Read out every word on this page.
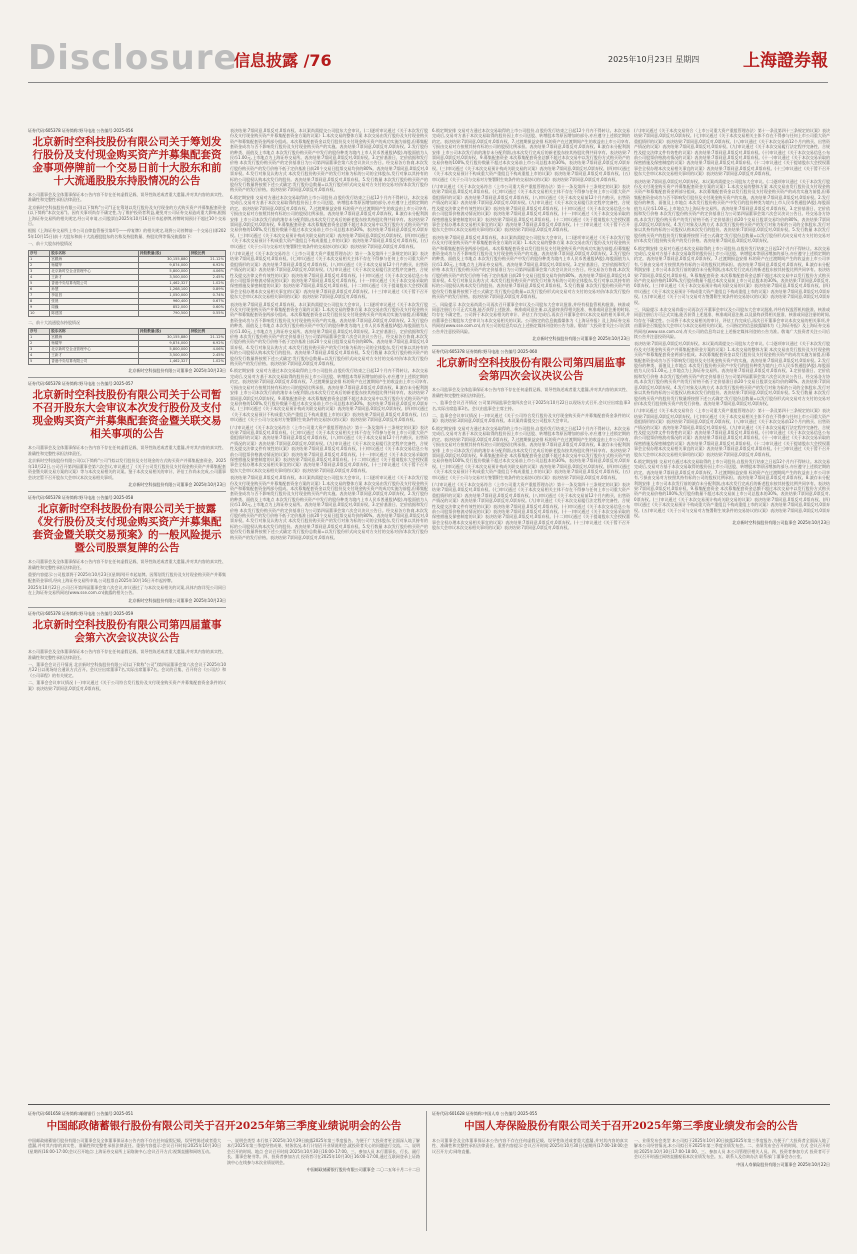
Disclosure
信息披露 /76	2025年10月23日 星期四	上海證券報
证券代码:605378 证券简称:野马电池 公告编号:2025-056
北京新时空科技股份有限公司关于筹划发行股份及支付现金购买资产并募集配套资金事项停牌前一个交易日前十大股东和前十大流通股股东持股情况的公告

本公司董事会及全体董事保证本公告内容不存在任何虚假记载、误导性陈述或者重大遗漏,并对其内容的真实性、准确性和完整性承担法律责任。

北京新时空科技股份有限公司(以下简称"公司")正在筹划以发行股份及支付现金的方式购买资产并募集配套资金(以下简称"本次交易")。因有关事项尚存不确定性,为了维护投资者利益,避免对公司证券交易造成重大影响,根据上海证券交易所的相关规定,经公司申请,公司股票自2025年10月16日开市起停牌,停牌时间预计不超过10个交易日。

根据《上海证券交易所上市公司自律监管指引第4号——停复牌》的相关规定,现将公司停牌前一个交易日(即2025年10月15日)前十大股东和前十大流通股股东的名称及持股数量、持股比例等情况披露如下:

一、前十大股东持股情况

序号	股东名称	持股数量(股)	持股比例
1	宫殿海	30,155,880	21.12%
2	杨耀华	9,874,000	6.92%
3	北京新时空企业管理中心	5,800,000	4.06%
4	王新才	3,500,000	2.45%
5	香港中央结算有限公司	1,462,327	1.02%
6	孙慧	1,268,100	0.89%
7	李祖昌	1,050,000	0.74%
8	张晨	960,400	0.67%
9	周巍	852,000	0.60%
10	陈建国	790,500	0.55%

二、前十大流通股东持股情况

序号	股东名称	持股数量(股)	持股比例
1	宫殿海	30,155,880	21.12%
2	杨耀华	9,874,000	6.92%
3	北京新时空企业管理中心	5,800,000	4.06%
4	王新才	3,500,000	2.45%
5	香港中央结算有限公司	1,462,327	1.02%

北京新时空科技股份有限公司董事会 2025年10月23日

证券代码:605378 证券简称:野马电池 公告编号:2025-057
北京新时空科技股份有限公司关于公司暂不召开股东大会审议本次发行股份及支付现金购买资产并募集配套资金暨关联交易相关事项的公告

本公司董事会及全体董事保证本公告内容不存在任何虚假记载、误导性陈述或者重大遗漏,并对其内容的真实性、准确性和完整性承担法律责任。

北京新时空科技股份有限公司(以下简称"公司")拟以发行股份及支付现金的方式购买资产并募集配套资金。2025年10月22日,公司召开第四届董事会第六次会议,审议通过了《关于公司发行股份及支付现金购买资产并募集配套资金暨关联交易方案的议案》等与本次交易相关的议案。鉴于本次交易相关的审计、评估工作尚未完成,公司董事会决定暂不召开股东大会审议本次交易相关事项。

北京新时空科技股份有限公司董事会 2025年10月23日

证券代码:605378 证券简称:野马电池 公告编号:2025-058
北京新时空科技股份有限公司关于披露《发行股份及支付现金购买资产并募集配套资金暨关联交易预案》的一般风险提示暨公司股票复牌的公告

本公司董事会及全体董事保证本公告内容不存在任何虚假记载、误导性陈述或者重大遗漏,并对其内容的真实性、准确性和完整性承担法律责任。

重要内容提示:公司股票将于2025年10月23日(星期四)开市起复牌。因筹划发行股份及支付现金购买资产并募集配套资金事项,经向上海证券交易所申请,公司股票自2025年10月16日开市起停牌。

2025年10月22日,公司召开第四届董事会第六次会议,审议通过了与本次交易相关的议案,具体内容详见公司同日在上海证券交易所网站(www.sse.com.cn)披露的相关公告。

北京新时空科技股份有限公司董事会 2025年10月23日

证券代码:605378 证券简称:野马电池 公告编号:2025-059
北京新时空科技股份有限公司第四届董事会第六次会议决议公告

本公司董事会及全体董事保证本公告内容不存在任何虚假记载、误导性陈述或者重大遗漏,并对其内容的真实性、准确性和完整性承担法律责任。

一、董事会会议召开情况 北京新时空科技股份有限公司(以下简称"公司")第四届董事会第六次会议于2025年10月22日以现场结合通讯方式召开。会议应出席董事7名,实际出席董事7名。会议的召集、召开符合《公司法》和《公司章程》的有关规定。

二、董事会会议审议情况 (一)审议通过《关于公司符合发行股份及支付现金购买资产并募集配套资金条件的议案》表决结果:7票同意,0票反对,0票弃权。

表决结果:7票同意,0票反对,0票弃权。本议案尚需提交公司股东大会审议。(二)逐项审议通过《关于本次发行股份及支付现金购买资产并募集配套资金方案的议案》1.本次交易的整体方案 本次交易由发行股份及支付现金购买资产和募集配套资金两部分组成。本次募集配套资金以发行股份及支付现金购买资产的成功实施为前提,但募集配套资金成功与否不影响发行股份及支付现金购买资产的实施。表决结果:7票同意,0票反对,0票弃权。2.发行股份的种类、面值及上市地点 本次发行股份购买资产中发行的股份种类为境内上市人民币普通股(A股),每股面值为人民币1.00元,上市地点为上海证券交易所。表决结果:7票同意,0票反对,0票弃权。3.定价基准日、定价依据和发行价格 本次发行股份购买资产的定价基准日为公司第四届董事会第六次会议决议公告日。经交易各方协商,本次发行股份购买资产的发行价格不低于定价基准日前20个交易日股票交易均价的80%。表决结果:7票同意,0票反对,0票弃权。4.发行对象及认购方式 本次发行股份购买资产的发行对象为标的公司的全体股东,发行对象以其持有的标的公司股权认购本次发行的股份。表决结果:7票同意,0票反对,0票弃权。5.发行数量 本次发行股份购买资产的股份发行数量将按照下述公式确定:发行股份总数量=以发行股份形式向交易对方支付的交易对价/本次发行股份购买资产的发行价格。表决结果:7票同意,0票反对,0票弃权。

6.锁定期安排 交易对方通过本次交易取得的上市公司股份,自股份发行结束之日起12个月内不得转让。本次交易完成后,交易对方基于本次交易取得的股份因上市公司送股、转增股本等原因增加的部分,亦应遵守上述锁定期的约定。表决结果:7票同意,0票反对,0票弃权。7.过渡期损益安排 标的资产在过渡期间产生的收益由上市公司享有,亏损由交易对方按照其持有标的公司的股权比例承担。表决结果:7票同意,0票反对,0票弃权。8.滚存未分配利润安排 上市公司本次发行前的滚存未分配利润,由本次发行完成后的新老股东按其持股比例共同享有。表决结果:7票同意,0票反对,0票弃权。9.募集配套资金 本次募集配套资金总额不超过本次交易中以发行股份方式购买资产的交易价格的100%,发行股份数量不超过本次交易前上市公司总股本的30%。表决结果:7票同意,0票反对,0票弃权。(三)审议通过《关于本次交易预计构成关联交易的议案》表决结果:7票同意,0票反对,0票弃权。(四)审议通过《关于本次交易预计不构成重大资产重组且不构成重组上市的议案》表决结果:7票同意,0票反对,0票弃权。(五)审议通过《关于公司与交易对方签署附生效条件的交易协议的议案》表决结果:7票同意,0票反对,0票弃权。

(六)审议通过《关于本次交易符合〈上市公司重大资产重组管理办法〉第十一条及第四十三条规定的议案》表决结果:7票同意,0票反对,0票弃权。(七)审议通过《关于本次交易相关主体不存在不得参与任何上市公司重大资产重组情形的议案》表决结果:7票同意,0票反对,0票弃权。(八)审议通过《关于本次交易前12个月内购买、出售资产情况的议案》表决结果:7票同意,0票反对,0票弃权。(九)审议通过《关于本次交易履行法定程序完备性、合规性及提交法律文件有效性的议案》表决结果:7票同意,0票反对,0票弃权。(十)审议通过《关于本次交易信息公布前公司股票价格波动情况的议案》表决结果:7票同意,0票反对,0票弃权。(十一)审议通过《关于本次交易采取的保密措施及保密制度的议案》表决结果:7票同意,0票反对,0票弃权。(十二)审议通过《关于提请股东大会授权董事会全权办理本次交易相关事宜的议案》表决结果:7票同意,0票反对,0票弃权。(十三)审议通过《关于暂不召开股东大会审议本次交易相关事项的议案》表决结果:7票同意,0票反对,0票弃权。

表决结果:7票同意,0票反对,0票弃权。本议案尚需提交公司股东大会审议。(二)逐项审议通过《关于本次发行股份及支付现金购买资产并募集配套资金方案的议案》1.本次交易的整体方案 本次交易由发行股份及支付现金购买资产和募集配套资金两部分组成。本次募集配套资金以发行股份及支付现金购买资产的成功实施为前提,但募集配套资金成功与否不影响发行股份及支付现金购买资产的实施。表决结果:7票同意,0票反对,0票弃权。2.发行股份的种类、面值及上市地点 本次发行股份购买资产中发行的股份种类为境内上市人民币普通股(A股),每股面值为人民币1.00元,上市地点为上海证券交易所。表决结果:7票同意,0票反对,0票弃权。3.定价基准日、定价依据和发行价格 本次发行股份购买资产的定价基准日为公司第四届董事会第六次会议决议公告日。经交易各方协商,本次发行股份购买资产的发行价格不低于定价基准日前20个交易日股票交易均价的80%。表决结果:7票同意,0票反对,0票弃权。4.发行对象及认购方式 本次发行股份购买资产的发行对象为标的公司的全体股东,发行对象以其持有的标的公司股权认购本次发行的股份。表决结果:7票同意,0票反对,0票弃权。5.发行数量 本次发行股份购买资产的股份发行数量将按照下述公式确定:发行股份总数量=以发行股份形式向交易对方支付的交易对价/本次发行股份购买资产的发行价格。表决结果:7票同意,0票反对,0票弃权。

6.锁定期安排 交易对方通过本次交易取得的上市公司股份,自股份发行结束之日起12个月内不得转让。本次交易完成后,交易对方基于本次交易取得的股份因上市公司送股、转增股本等原因增加的部分,亦应遵守上述锁定期的约定。表决结果:7票同意,0票反对,0票弃权。7.过渡期损益安排 标的资产在过渡期间产生的收益由上市公司享有,亏损由交易对方按照其持有标的公司的股权比例承担。表决结果:7票同意,0票反对,0票弃权。8.滚存未分配利润安排 上市公司本次发行前的滚存未分配利润,由本次发行完成后的新老股东按其持股比例共同享有。表决结果:7票同意,0票反对,0票弃权。9.募集配套资金 本次募集配套资金总额不超过本次交易中以发行股份方式购买资产的交易价格的100%,发行股份数量不超过本次交易前上市公司总股本的30%。表决结果:7票同意,0票反对,0票弃权。(三)审议通过《关于本次交易预计构成关联交易的议案》表决结果:7票同意,0票反对,0票弃权。(四)审议通过《关于本次交易预计不构成重大资产重组且不构成重组上市的议案》表决结果:7票同意,0票反对,0票弃权。(五)审议通过《关于公司与交易对方签署附生效条件的交易协议的议案》表决结果:7票同意,0票反对,0票弃权。

(六)审议通过《关于本次交易符合〈上市公司重大资产重组管理办法〉第十一条及第四十三条规定的议案》表决结果:7票同意,0票反对,0票弃权。(七)审议通过《关于本次交易相关主体不存在不得参与任何上市公司重大资产重组情形的议案》表决结果:7票同意,0票反对,0票弃权。(八)审议通过《关于本次交易前12个月内购买、出售资产情况的议案》表决结果:7票同意,0票反对,0票弃权。(九)审议通过《关于本次交易履行法定程序完备性、合规性及提交法律文件有效性的议案》表决结果:7票同意,0票反对,0票弃权。(十)审议通过《关于本次交易信息公布前公司股票价格波动情况的议案》表决结果:7票同意,0票反对,0票弃权。(十一)审议通过《关于本次交易采取的保密措施及保密制度的议案》表决结果:7票同意,0票反对,0票弃权。(十二)审议通过《关于提请股东大会授权董事会全权办理本次交易相关事宜的议案》表决结果:7票同意,0票反对,0票弃权。(十三)审议通过《关于暂不召开股东大会审议本次交易相关事项的议案》表决结果:7票同意,0票反对,0票弃权。

表决结果:7票同意,0票反对,0票弃权。本议案尚需提交公司股东大会审议。(二)逐项审议通过《关于本次发行股份及支付现金购买资产并募集配套资金方案的议案》1.本次交易的整体方案 本次交易由发行股份及支付现金购买资产和募集配套资金两部分组成。本次募集配套资金以发行股份及支付现金购买资产的成功实施为前提,但募集配套资金成功与否不影响发行股份及支付现金购买资产的实施。表决结果:7票同意,0票反对,0票弃权。2.发行股份的种类、面值及上市地点 本次发行股份购买资产中发行的股份种类为境内上市人民币普通股(A股),每股面值为人民币1.00元,上市地点为上海证券交易所。表决结果:7票同意,0票反对,0票弃权。3.定价基准日、定价依据和发行价格 本次发行股份购买资产的定价基准日为公司第四届董事会第六次会议决议公告日。经交易各方协商,本次发行股份购买资产的发行价格不低于定价基准日前20个交易日股票交易均价的80%。表决结果:7票同意,0票反对,0票弃权。4.发行对象及认购方式 本次发行股份购买资产的发行对象为标的公司的全体股东,发行对象以其持有的标的公司股权认购本次发行的股份。表决结果:7票同意,0票反对,0票弃权。5.发行数量 本次发行股份购买资产的股份发行数量将按照下述公式确定:发行股份总数量=以发行股份形式向交易对方支付的交易对价/本次发行股份购买资产的发行价格。表决结果:7票同意,0票反对,0票弃权。

6.锁定期安排 交易对方通过本次交易取得的上市公司股份,自股份发行结束之日起12个月内不得转让。本次交易完成后,交易对方基于本次交易取得的股份因上市公司送股、转增股本等原因增加的部分,亦应遵守上述锁定期的约定。表决结果:7票同意,0票反对,0票弃权。7.过渡期损益安排 标的资产在过渡期间产生的收益由上市公司享有,亏损由交易对方按照其持有标的公司的股权比例承担。表决结果:7票同意,0票反对,0票弃权。8.滚存未分配利润安排 上市公司本次发行前的滚存未分配利润,由本次发行完成后的新老股东按其持股比例共同享有。表决结果:7票同意,0票反对,0票弃权。9.募集配套资金 本次募集配套资金总额不超过本次交易中以发行股份方式购买资产的交易价格的100%,发行股份数量不超过本次交易前上市公司总股本的30%。表决结果:7票同意,0票反对,0票弃权。(三)审议通过《关于本次交易预计构成关联交易的议案》表决结果:7票同意,0票反对,0票弃权。(四)审议通过《关于本次交易预计不构成重大资产重组且不构成重组上市的议案》表决结果:7票同意,0票反对,0票弃权。(五)审议通过《关于公司与交易对方签署附生效条件的交易协议的议案》表决结果:7票同意,0票反对,0票弃权。

(六)审议通过《关于本次交易符合〈上市公司重大资产重组管理办法〉第十一条及第四十三条规定的议案》表决结果:7票同意,0票反对,0票弃权。(七)审议通过《关于本次交易相关主体不存在不得参与任何上市公司重大资产重组情形的议案》表决结果:7票同意,0票反对,0票弃权。(八)审议通过《关于本次交易前12个月内购买、出售资产情况的议案》表决结果:7票同意,0票反对,0票弃权。(九)审议通过《关于本次交易履行法定程序完备性、合规性及提交法律文件有效性的议案》表决结果:7票同意,0票反对,0票弃权。(十)审议通过《关于本次交易信息公布前公司股票价格波动情况的议案》表决结果:7票同意,0票反对,0票弃权。(十一)审议通过《关于本次交易采取的保密措施及保密制度的议案》表决结果:7票同意,0票反对,0票弃权。(十二)审议通过《关于提请股东大会授权董事会全权办理本次交易相关事宜的议案》表决结果:7票同意,0票反对,0票弃权。(十三)审议通过《关于暂不召开股东大会审议本次交易相关事项的议案》表决结果:7票同意,0票反对,0票弃权。

表决结果:7票同意,0票反对,0票弃权。本议案尚需提交公司股东大会审议。(二)逐项审议通过《关于本次发行股份及支付现金购买资产并募集配套资金方案的议案》1.本次交易的整体方案 本次交易由发行股份及支付现金购买资产和募集配套资金两部分组成。本次募集配套资金以发行股份及支付现金购买资产的成功实施为前提,但募集配套资金成功与否不影响发行股份及支付现金购买资产的实施。表决结果:7票同意,0票反对,0票弃权。2.发行股份的种类、面值及上市地点 本次发行股份购买资产中发行的股份种类为境内上市人民币普通股(A股),每股面值为人民币1.00元,上市地点为上海证券交易所。表决结果:7票同意,0票反对,0票弃权。3.定价基准日、定价依据和发行价格 本次发行股份购买资产的定价基准日为公司第四届董事会第六次会议决议公告日。经交易各方协商,本次发行股份购买资产的发行价格不低于定价基准日前20个交易日股票交易均价的80%。表决结果:7票同意,0票反对,0票弃权。4.发行对象及认购方式 本次发行股份购买资产的发行对象为标的公司的全体股东,发行对象以其持有的标的公司股权认购本次发行的股份。表决结果:7票同意,0票反对,0票弃权。5.发行数量 本次发行股份购买资产的股份发行数量将按照下述公式确定:发行股份总数量=以发行股份形式向交易对方支付的交易对价/本次发行股份购买资产的发行价格。表决结果:7票同意,0票反对,0票弃权。

三、风险提示 本次交易尚需公司再次召开董事会审议及公司股东大会审议批准,并经有权监管机构批准、核准或同意注册后方可正式实施,能否获得上述批准、核准或同意注册,以及最终获得相关批准、核准或同意注册的时间,均存在不确定性。公司将于本次交易相关的审计、评估工作完成后,再次召开董事会审议本次交易的相关事项,并由董事会召集股东大会审议与本次交易相关的议案。公司指定的信息披露媒体为《上海证券报》及上海证券交易所网站(www.sse.com.cn),有关公司的信息均以在上述指定媒体刊登的公告为准。敬请广大投资者关注公司后续公告并注意投资风险。

北京新时空科技股份有限公司董事会 2025年10月23日

证券代码:605378 证券简称:野马电池 公告编号:2025-060
北京新时空科技股份有限公司第四届监事会第四次会议决议公告

本公司监事会及全体监事保证本公告内容不存在任何虚假记载、误导性陈述或者重大遗漏,并对其内容的真实性、准确性和完整性承担法律责任。

一、监事会会议召开情况 公司第四届监事会第四次会议于2025年10月22日以现场方式召开,会议应出席监事3名,实际出席监事3名。会议由监事会主席主持。

二、监事会会议审议情况 (一)审议通过《关于公司符合发行股份及支付现金购买资产并募集配套资金条件的议案》表决结果:3票同意,0票反对,0票弃权。本议案尚需提交公司股东大会审议。

6.锁定期安排 交易对方通过本次交易取得的上市公司股份,自股份发行结束之日起12个月内不得转让。本次交易完成后,交易对方基于本次交易取得的股份因上市公司送股、转增股本等原因增加的部分,亦应遵守上述锁定期的约定。表决结果:7票同意,0票反对,0票弃权。7.过渡期损益安排 标的资产在过渡期间产生的收益由上市公司享有,亏损由交易对方按照其持有标的公司的股权比例承担。表决结果:7票同意,0票反对,0票弃权。8.滚存未分配利润安排 上市公司本次发行前的滚存未分配利润,由本次发行完成后的新老股东按其持股比例共同享有。表决结果:7票同意,0票反对,0票弃权。9.募集配套资金 本次募集配套资金总额不超过本次交易中以发行股份方式购买资产的交易价格的100%,发行股份数量不超过本次交易前上市公司总股本的30%。表决结果:7票同意,0票反对,0票弃权。(三)审议通过《关于本次交易预计构成关联交易的议案》表决结果:7票同意,0票反对,0票弃权。(四)审议通过《关于本次交易预计不构成重大资产重组且不构成重组上市的议案》表决结果:7票同意,0票反对,0票弃权。(五)审议通过《关于公司与交易对方签署附生效条件的交易协议的议案》表决结果:7票同意,0票反对,0票弃权。

(六)审议通过《关于本次交易符合〈上市公司重大资产重组管理办法〉第十一条及第四十三条规定的议案》表决结果:7票同意,0票反对,0票弃权。(七)审议通过《关于本次交易相关主体不存在不得参与任何上市公司重大资产重组情形的议案》表决结果:7票同意,0票反对,0票弃权。(八)审议通过《关于本次交易前12个月内购买、出售资产情况的议案》表决结果:7票同意,0票反对,0票弃权。(九)审议通过《关于本次交易履行法定程序完备性、合规性及提交法律文件有效性的议案》表决结果:7票同意,0票反对,0票弃权。(十)审议通过《关于本次交易信息公布前公司股票价格波动情况的议案》表决结果:7票同意,0票反对,0票弃权。(十一)审议通过《关于本次交易采取的保密措施及保密制度的议案》表决结果:7票同意,0票反对,0票弃权。(十二)审议通过《关于提请股东大会授权董事会全权办理本次交易相关事宜的议案》表决结果:7票同意,0票反对,0票弃权。(十三)审议通过《关于暂不召开股东大会审议本次交易相关事项的议案》表决结果:7票同意,0票反对,0票弃权。

(六)审议通过《关于本次交易符合〈上市公司重大资产重组管理办法〉第十一条及第四十三条规定的议案》表决结果:7票同意,0票反对,0票弃权。(七)审议通过《关于本次交易相关主体不存在不得参与任何上市公司重大资产重组情形的议案》表决结果:7票同意,0票反对,0票弃权。(八)审议通过《关于本次交易前12个月内购买、出售资产情况的议案》表决结果:7票同意,0票反对,0票弃权。(九)审议通过《关于本次交易履行法定程序完备性、合规性及提交法律文件有效性的议案》表决结果:7票同意,0票反对,0票弃权。(十)审议通过《关于本次交易信息公布前公司股票价格波动情况的议案》表决结果:7票同意,0票反对,0票弃权。(十一)审议通过《关于本次交易采取的保密措施及保密制度的议案》表决结果:7票同意,0票反对,0票弃权。(十二)审议通过《关于提请股东大会授权董事会全权办理本次交易相关事宜的议案》表决结果:7票同意,0票反对,0票弃权。(十三)审议通过《关于暂不召开股东大会审议本次交易相关事项的议案》表决结果:7票同意,0票反对,0票弃权。

表决结果:7票同意,0票反对,0票弃权。本议案尚需提交公司股东大会审议。(二)逐项审议通过《关于本次发行股份及支付现金购买资产并募集配套资金方案的议案》1.本次交易的整体方案 本次交易由发行股份及支付现金购买资产和募集配套资金两部分组成。本次募集配套资金以发行股份及支付现金购买资产的成功实施为前提,但募集配套资金成功与否不影响发行股份及支付现金购买资产的实施。表决结果:7票同意,0票反对,0票弃权。2.发行股份的种类、面值及上市地点 本次发行股份购买资产中发行的股份种类为境内上市人民币普通股(A股),每股面值为人民币1.00元,上市地点为上海证券交易所。表决结果:7票同意,0票反对,0票弃权。3.定价基准日、定价依据和发行价格 本次发行股份购买资产的定价基准日为公司第四届董事会第六次会议决议公告日。经交易各方协商,本次发行股份购买资产的发行价格不低于定价基准日前20个交易日股票交易均价的80%。表决结果:7票同意,0票反对,0票弃权。4.发行对象及认购方式 本次发行股份购买资产的发行对象为标的公司的全体股东,发行对象以其持有的标的公司股权认购本次发行的股份。表决结果:7票同意,0票反对,0票弃权。5.发行数量 本次发行股份购买资产的股份发行数量将按照下述公式确定:发行股份总数量=以发行股份形式向交易对方支付的交易对价/本次发行股份购买资产的发行价格。表决结果:7票同意,0票反对,0票弃权。

6.锁定期安排 交易对方通过本次交易取得的上市公司股份,自股份发行结束之日起12个月内不得转让。本次交易完成后,交易对方基于本次交易取得的股份因上市公司送股、转增股本等原因增加的部分,亦应遵守上述锁定期的约定。表决结果:7票同意,0票反对,0票弃权。7.过渡期损益安排 标的资产在过渡期间产生的收益由上市公司享有,亏损由交易对方按照其持有标的公司的股权比例承担。表决结果:7票同意,0票反对,0票弃权。8.滚存未分配利润安排 上市公司本次发行前的滚存未分配利润,由本次发行完成后的新老股东按其持股比例共同享有。表决结果:7票同意,0票反对,0票弃权。9.募集配套资金 本次募集配套资金总额不超过本次交易中以发行股份方式购买资产的交易价格的100%,发行股份数量不超过本次交易前上市公司总股本的30%。表决结果:7票同意,0票反对,0票弃权。(三)审议通过《关于本次交易预计构成关联交易的议案》表决结果:7票同意,0票反对,0票弃权。(四)审议通过《关于本次交易预计不构成重大资产重组且不构成重组上市的议案》表决结果:7票同意,0票反对,0票弃权。(五)审议通过《关于公司与交易对方签署附生效条件的交易协议的议案》表决结果:7票同意,0票反对,0票弃权。

三、风险提示 本次交易尚需公司再次召开董事会审议及公司股东大会审议批准,并经有权监管机构批准、核准或同意注册后方可正式实施,能否获得上述批准、核准或同意注册,以及最终获得相关批准、核准或同意注册的时间,均存在不确定性。公司将于本次交易相关的审计、评估工作完成后,再次召开董事会审议本次交易的相关事项,并由董事会召集股东大会审议与本次交易相关的议案。公司指定的信息披露媒体为《上海证券报》及上海证券交易所网站(www.sse.com.cn),有关公司的信息均以在上述指定媒体刊登的公告为准。敬请广大投资者关注公司后续公告并注意投资风险。

表决结果:7票同意,0票反对,0票弃权。本议案尚需提交公司股东大会审议。(二)逐项审议通过《关于本次发行股份及支付现金购买资产并募集配套资金方案的议案》1.本次交易的整体方案 本次交易由发行股份及支付现金购买资产和募集配套资金两部分组成。本次募集配套资金以发行股份及支付现金购买资产的成功实施为前提,但募集配套资金成功与否不影响发行股份及支付现金购买资产的实施。表决结果:7票同意,0票反对,0票弃权。2.发行股份的种类、面值及上市地点 本次发行股份购买资产中发行的股份种类为境内上市人民币普通股(A股),每股面值为人民币1.00元,上市地点为上海证券交易所。表决结果:7票同意,0票反对,0票弃权。3.定价基准日、定价依据和发行价格 本次发行股份购买资产的定价基准日为公司第四届董事会第六次会议决议公告日。经交易各方协商,本次发行股份购买资产的发行价格不低于定价基准日前20个交易日股票交易均价的80%。表决结果:7票同意,0票反对,0票弃权。4.发行对象及认购方式 本次发行股份购买资产的发行对象为标的公司的全体股东,发行对象以其持有的标的公司股权认购本次发行的股份。表决结果:7票同意,0票反对,0票弃权。5.发行数量 本次发行股份购买资产的股份发行数量将按照下述公式确定:发行股份总数量=以发行股份形式向交易对方支付的交易对价/本次发行股份购买资产的发行价格。表决结果:7票同意,0票反对,0票弃权。

(六)审议通过《关于本次交易符合〈上市公司重大资产重组管理办法〉第十一条及第四十三条规定的议案》表决结果:7票同意,0票反对,0票弃权。(七)审议通过《关于本次交易相关主体不存在不得参与任何上市公司重大资产重组情形的议案》表决结果:7票同意,0票反对,0票弃权。(八)审议通过《关于本次交易前12个月内购买、出售资产情况的议案》表决结果:7票同意,0票反对,0票弃权。(九)审议通过《关于本次交易履行法定程序完备性、合规性及提交法律文件有效性的议案》表决结果:7票同意,0票反对,0票弃权。(十)审议通过《关于本次交易信息公布前公司股票价格波动情况的议案》表决结果:7票同意,0票反对,0票弃权。(十一)审议通过《关于本次交易采取的保密措施及保密制度的议案》表决结果:7票同意,0票反对,0票弃权。(十二)审议通过《关于提请股东大会授权董事会全权办理本次交易相关事宜的议案》表决结果:7票同意,0票反对,0票弃权。(十三)审议通过《关于暂不召开股东大会审议本次交易相关事项的议案》表决结果:7票同意,0票反对,0票弃权。

6.锁定期安排 交易对方通过本次交易取得的上市公司股份,自股份发行结束之日起12个月内不得转让。本次交易完成后,交易对方基于本次交易取得的股份因上市公司送股、转增股本等原因增加的部分,亦应遵守上述锁定期的约定。表决结果:7票同意,0票反对,0票弃权。7.过渡期损益安排 标的资产在过渡期间产生的收益由上市公司享有,亏损由交易对方按照其持有标的公司的股权比例承担。表决结果:7票同意,0票反对,0票弃权。8.滚存未分配利润安排 上市公司本次发行前的滚存未分配利润,由本次发行完成后的新老股东按其持股比例共同享有。表决结果:7票同意,0票反对,0票弃权。9.募集配套资金 本次募集配套资金总额不超过本次交易中以发行股份方式购买资产的交易价格的100%,发行股份数量不超过本次交易前上市公司总股本的30%。表决结果:7票同意,0票反对,0票弃权。(三)审议通过《关于本次交易预计构成关联交易的议案》表决结果:7票同意,0票反对,0票弃权。(四)审议通过《关于本次交易预计不构成重大资产重组且不构成重组上市的议案》表决结果:7票同意,0票反对,0票弃权。(五)审议通过《关于公司与交易对方签署附生效条件的交易协议的议案》表决结果:7票同意,0票反对,0票弃权。

北京新时空科技股份有限公司监事会 2025年10月23日

证券代码:601658 证券简称:邮储银行 公告编号:2025-051
中国邮政储蓄银行股份有限公司关于召开2025年第三季度业绩说明会的公告

中国邮政储蓄银行股份有限公司董事会及全体董事保证本公告内容不存在任何虚假记载、误导性陈述或者重大遗漏,并对其内容的真实性、准确性和完整性承担法律责任。重要内容提示:会议召开时间:2025年10月30日(星期四)16:00-17:00;会议召开地点:上海证券交易所上证路演中心;会议召开方式:视频直播和网络互动。

一、说明会类型 本行拟于2025年10月29日披露2025年第三季度报告。为便于广大投资者更全面深入地了解本行2025年第三季度经营成果、财务状况,本行计划召开业绩说明会,就投资者关心的问题进行交流。二、说明会召开的时间、地点 会议召开时间:2025年10月30日16:00-17:00。三、参加人员 本行董事长、行长、副行长、董事会秘书等。四、投资者参加方式 投资者可在2025年10月30日16:00-17:00,通过互联网登录上证路演中心在线参与本次业绩说明会。

中国邮政储蓄银行股份有限公司董事会 二〇二五年十月二十二日

证券代码:601628 证券简称:中国人寿 公告编号:2025-055
中国人寿保险股份有限公司关于召开2025年第三季度业绩发布会的公告

本公司董事会及全体董事保证本公告内容不存在任何虚假记载、误导性陈述或者重大遗漏,并对其内容的真实性、准确性和完整性承担法律责任。重要内容提示:会议召开时间:2025年10月30日(星期四)17:00-18:00;会议召开方式:网络直播。

一、业绩发布会类型 本公司拟于2025年10月30日披露2025年第三季度报告,为便于广大投资者全面深入地了解本公司经营情况,本公司拟召开2025年第三季度业绩发布会。二、业绩发布会召开的时间、方式 会议召开时间:2025年10月30日17:00-18:00。三、参加人员 本公司管理层相关人员。四、投资者参加方式 投资者可于会议召开时通过网络直播观看本次业绩发布会。五、联系人及咨询办法 联系部门:董事会办公室。

中国人寿保险股份有限公司董事会 2025年10月22日
